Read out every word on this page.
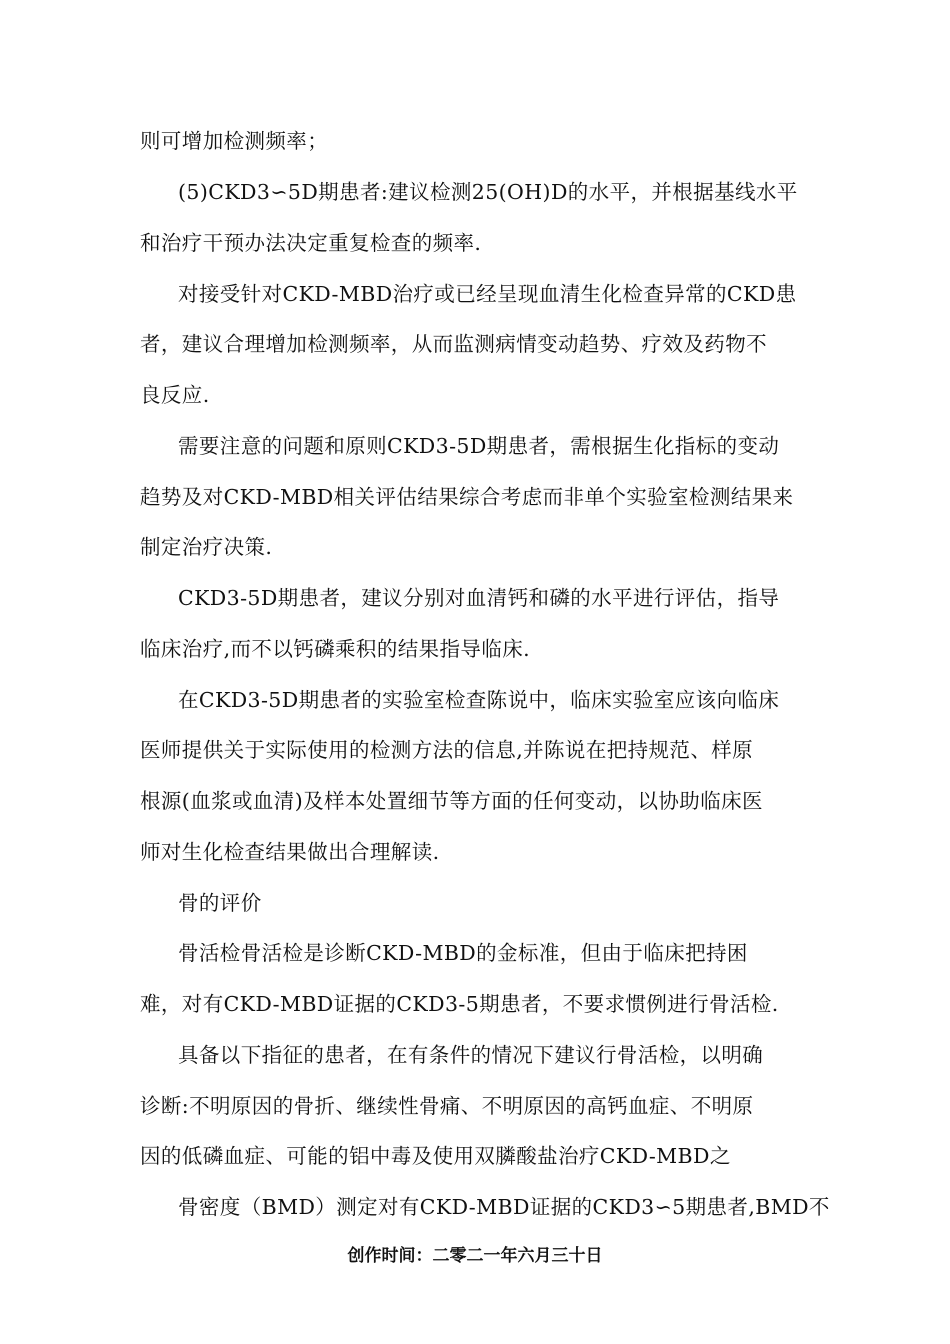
则可增加检测频率；
(5)CKD3∽5D期患者:建议检测25(OH)D的水平，并根据基线水平
和治疗干预办法决定重复检查的频率.
对接受针对CKD-MBD治疗或已经呈现血清生化检查异常的CKD患
者，建议合理增加检测频率，从而监测病情变动趋势、疗效及药物不
良反应.
需要注意的问题和原则CKD3-5D期患者，需根据生化指标的变动
趋势及对CKD-MBD相关评估结果综合考虑而非单个实验室检测结果来
制定治疗决策.
CKD3-5D期患者，建议分别对血清钙和磷的水平进行评估，指导
临床治疗,而不以钙磷乘积的结果指导临床.
在CKD3-5D期患者的实验室检查陈说中，临床实验室应该向临床
医师提供关于实际使用的检测方法的信息,并陈说在把持规范、样原
根源(血浆或血清)及样本处置细节等方面的任何变动，以协助临床医
师对生化检查结果做出合理解读.
骨的评价
骨活检骨活检是诊断CKD-MBD的金标准，但由于临床把持困
难，对有CKD-MBD证据的CKD3-5期患者，不要求惯例进行骨活检.
具备以下指征的患者，在有条件的情况下建议行骨活检，以明确
诊断:不明原因的骨折、继续性骨痛、不明原因的高钙血症、不明原
因的低磷血症、可能的铝中毒及使用双膦酸盐治疗CKD-MBD之
骨密度（BMD）测定对有CKD-MBD证据的CKD3∽5期患者,BMD不
创作时间：二零二一年六月三十日
